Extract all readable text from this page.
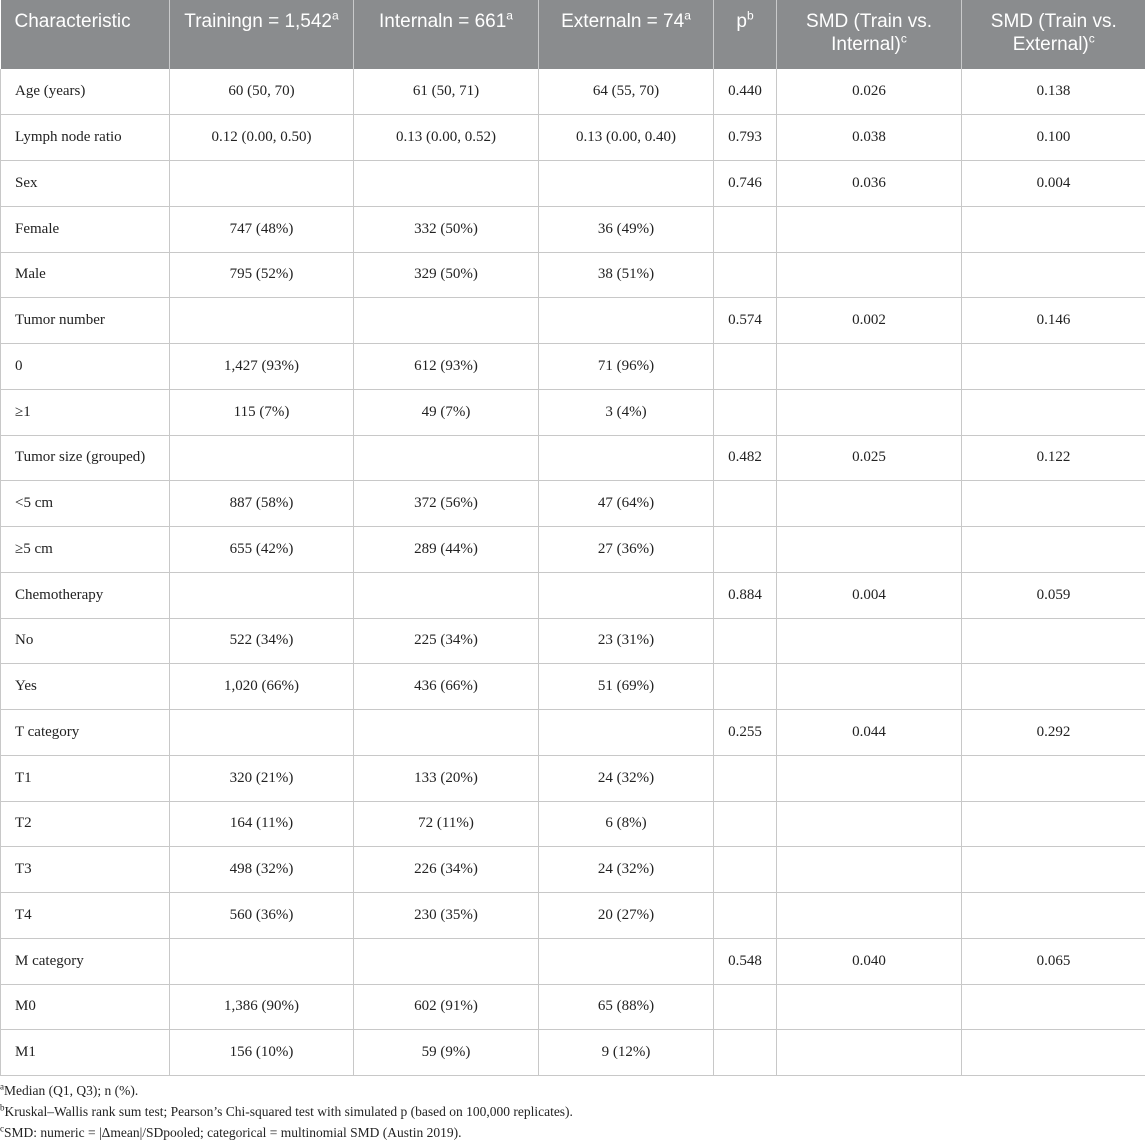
Characteristic	Trainingn = 1,542$^a$	Internaln = $661^a$	Externaln = $74^a$	$p^b$	SMD (Train vs. Internal)$^c$	SMD (Train vs. External)$^c$
Age (years)	60 (50, 70)	61 (50, 71)	64 (55, 70)	0.440	0.026	0.138
Lymph node ratio	0.12 (0.00, 0.50)	0.13 (0.00, 0.52)	0.13 (0.00, 0.40)	0.793	0.038	0.100
Sex				0.746	0.036	0.004
Female	747 (48%)	332 (50%)	36 (49%)			
Male	795 (52%)	329 (50%)	38 (51%)			
Tumor number				0.574	0.002	0.146
0	1,427 (93%)	612 (93%)	71 (96%)			
≥1	115 (7%)	49 (7%)	3 (4%)			
Tumor size (grouped)				0.482	0.025	0.122
<5 cm	887 (58%)	372 (56%)	47 (64%)			
≥5 cm	655 (42%)	289 (44%)	27 (36%)			
Chemotherapy				0.884	0.004	0.059
No	522 (34%)	225 (34%)	23 (31%)			
Yes	1,020 (66%)	436 (66%)	51 (69%)			
T category				0.255	0.044	0.292
T1	320 (21%)	133 (20%)	24 (32%)			
T2	164 (11%)	72 (11%)	6 (8%)			
T3	498 (32%)	226 (34%)	24 (32%)			
T4	560 (36%)	230 (35%)	20 (27%)			
M category				0.548	0.040	0.065
M0	1,386 (90%)	602 (91%)	65 (88%)			
M1	156 (10%)	59 (9%)	9 (12%)			
$^a$Median (Q1, Q3); n (%).
$^b$Kruskal–Wallis rank sum test; Pearson’s Chi-squared test with simulated p (based on 100,000 replicates).
$^c$SMD: numeric = |Δmean|/SDpooled; categorical = multinomial SMD (Austin 2019).
